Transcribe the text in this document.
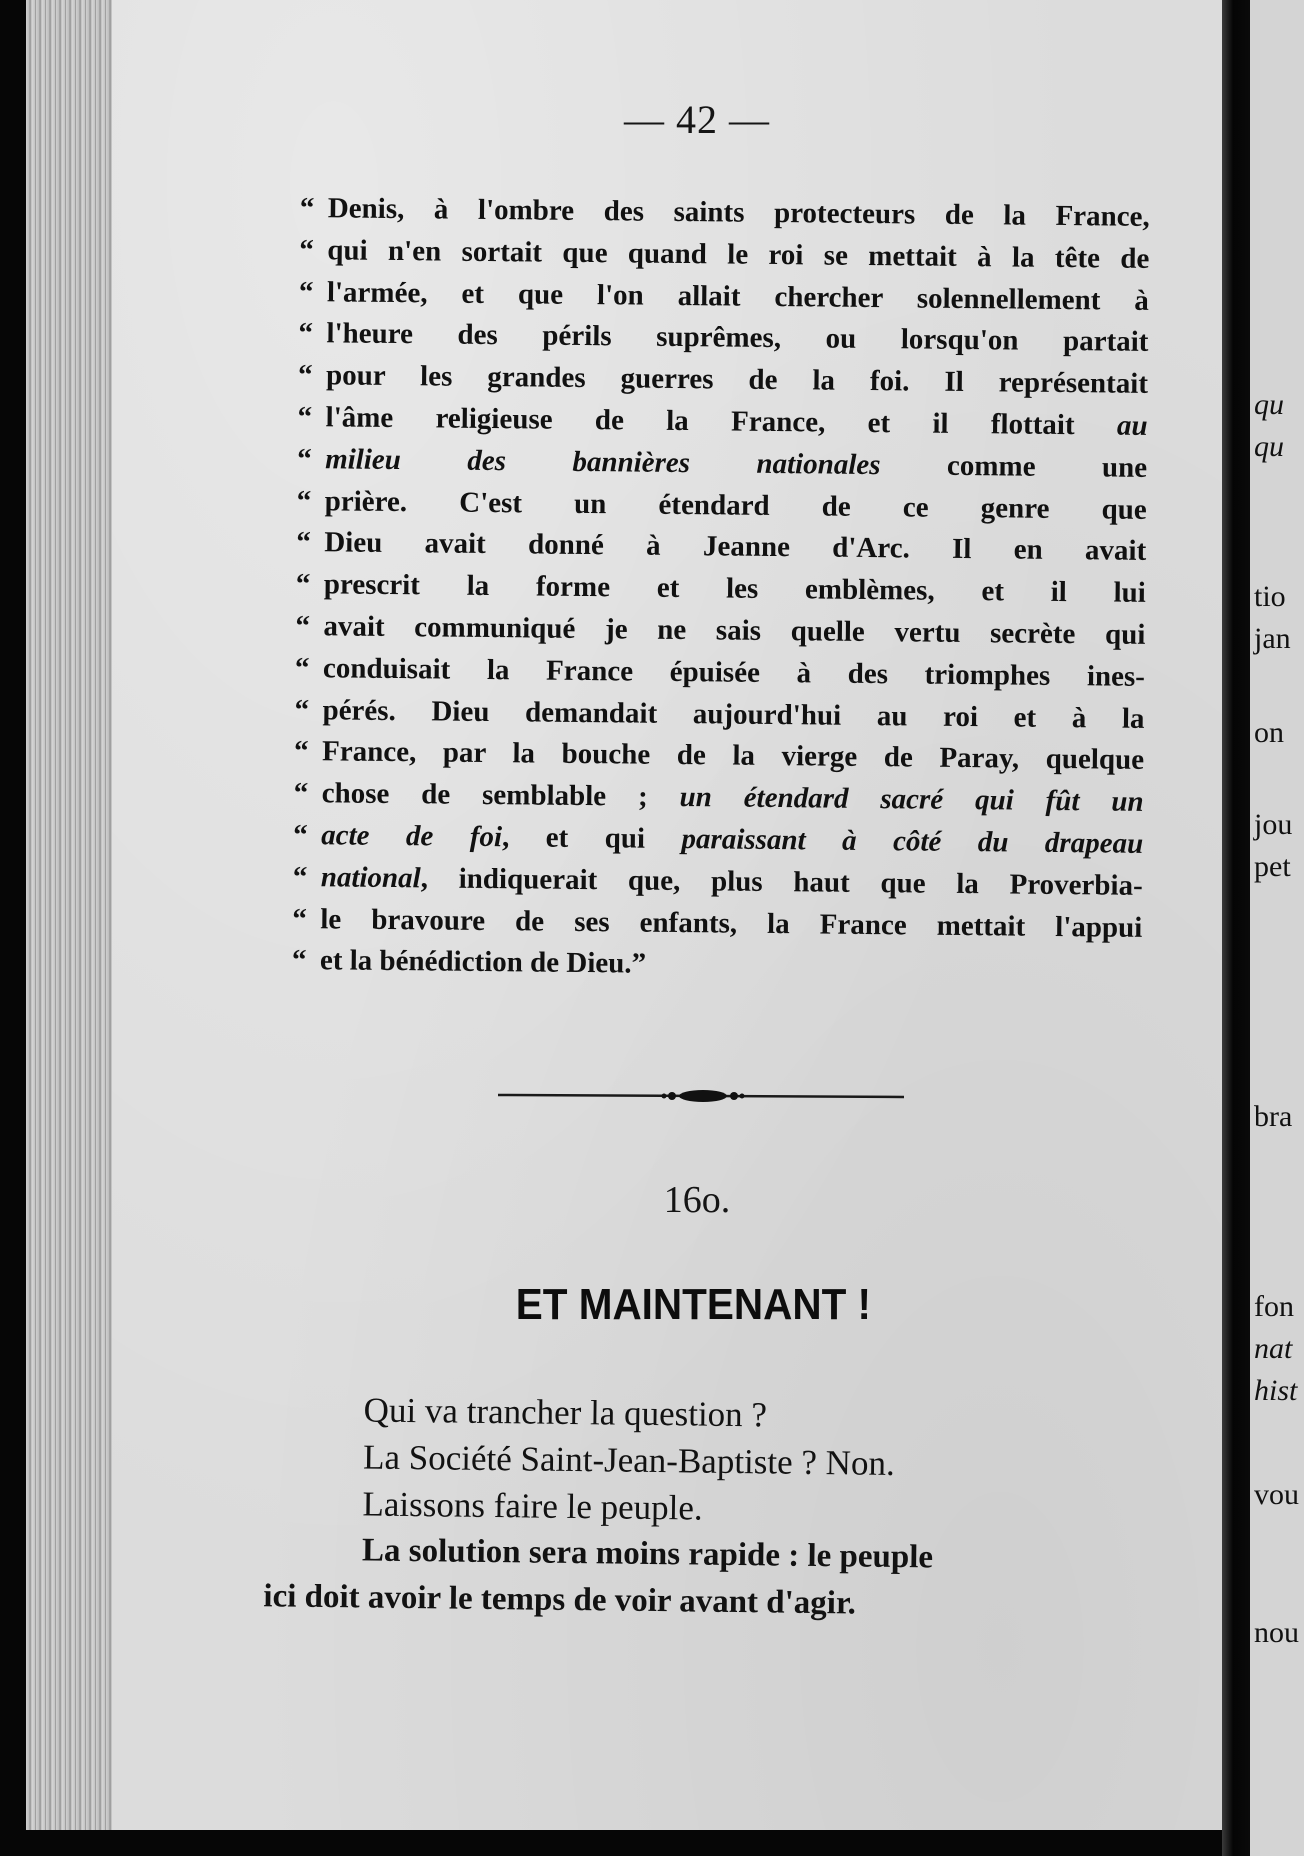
— 42 —
“ Denis, à l'ombre des saints protecteurs de la France,
“ qui n'en sortait que quand le roi se mettait à la tête de
“ l'armée, et que l'on allait chercher solennellement à
“ l'heure des périls suprêmes, ou lorsqu'on partait
“ pour les grandes guerres de la foi. Il représentait
“ l'âme religieuse de la France, et il flottait au
“ milieu des bannières nationales comme une
“ prière. C'est un étendard de ce genre que
“ Dieu avait donné à Jeanne d'Arc. Il en avait
“ prescrit la forme et les emblèmes, et il lui
“ avait communiqué je ne sais quelle vertu secrète qui
“ conduisait la France épuisée à des triomphes ines-
“ pérés. Dieu demandait aujourd'hui au roi et à la
“ France, par la bouche de la vierge de Paray, quelque
“ chose de semblable ; un étendard sacré qui fût un
“ acte de foi, et qui paraissant à côté du drapeau
“ national, indiquerait que, plus haut que la Proverbia-
“ le bravoure de ses enfants, la France mettait l'appui
“ et la bénédiction de Dieu.”
16o.
ET MAINTENANT !
Qui va trancher la question ?
La Société Saint-Jean-Baptiste ? Non.
Laissons faire le peuple.
La solution sera moins rapide : le peuple
ici doit avoir le temps de voir avant d'agir.
qu
qu
tio
jan
on
jou
pet
bra
fon
nat
hist
vou
nou
